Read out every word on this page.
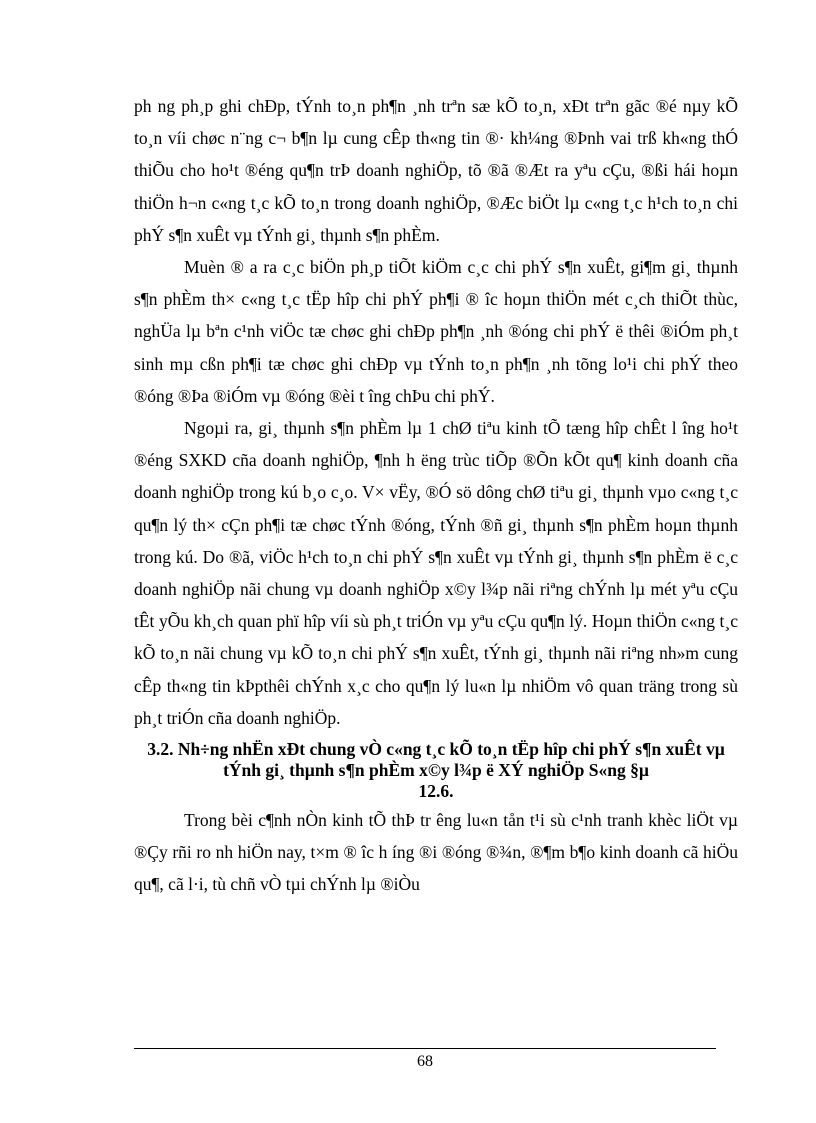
ph ng ph¸p ghi chÐp, tÝnh to¸n ph¶n ¸nh trªn sæ kÕ to¸n, xÐt trªn gãc ®é nµy kÕ to¸n víi chøc n¨ng c¬ b¶n lµ cung cÊp th«ng tin ®· kh¼ng ®Þnh vai trß kh«ng thÓ thiÕu cho ho¹t ®éng qu¶n trÞ doanh nghiÖp, tõ ®ã ®Æt ra yªu cÇu, ®ßi hái hoµn thiÖn h¬n c«ng t¸c kÕ to¸n trong doanh nghiÖp, ®Æc biÖt lµ c«ng t¸c h¹ch to¸n chi phÝ s¶n xuÊt vµ tÝnh gi¸ thµnh s¶n phÈm.

Muèn ® a ra c¸c biÖn ph¸p tiÕt kiÖm c¸c chi phÝ s¶n xuÊt, gi¶m gi¸ thµnh s¶n phÈm th× c«ng t¸c tËp hîp chi phÝ ph¶i ® îc hoµn thiÖn mét c¸ch thiÕt thùc, nghÜa lµ bªn c¹nh viÖc tæ chøc ghi chÐp ph¶n ¸nh ®óng chi phÝ ë thêi ®iÓm ph¸t sinh mµ cßn ph¶i tæ chøc ghi chÐp vµ tÝnh to¸n ph¶n ¸nh tõng lo¹i chi phÝ theo ®óng ®Þa ®iÓm vµ ®óng ®èi t îng chÞu chi phÝ.

Ngoµi ra, gi¸ thµnh s¶n phÈm lµ 1 chØ tiªu kinh tÕ tæng hîp chÊt l îng ho¹t ®éng SXKD cña doanh nghiÖp, ¶nh h ëng trùc tiÕp ®Õn kÕt qu¶ kinh doanh cña doanh nghiÖp trong kú b¸o c¸o. V× vËy, ®Ó sö dông chØ tiªu gi¸ thµnh vµo c«ng t¸c qu¶n lý th× cÇn ph¶i tæ chøc tÝnh ®óng, tÝnh ®ñ gi¸ thµnh s¶n phÈm hoµn thµnh trong kú. Do ®ã, viÖc h¹ch to¸n chi phÝ s¶n xuÊt vµ tÝnh gi¸ thµnh s¶n phÈm ë c¸c doanh nghiÖp nãi chung vµ doanh nghiÖp x©y l¾p nãi riªng chÝnh lµ mét yªu cÇu tÊt yÕu kh¸ch quan phï hîp víi sù ph¸t triÓn vµ yªu cÇu qu¶n lý. Hoµn thiÖn c«ng t¸c kÕ to¸n nãi chung vµ kÕ to¸n chi phÝ s¶n xuÊt, tÝnh gi¸ thµnh nãi riªng nh»m cung cÊp th«ng tin kÞpthêi chÝnh x¸c cho qu¶n lý lu«n lµ nhiÖm vô quan träng trong sù ph¸t triÓn cña doanh nghiÖp.

3.2. Nh÷ng nhËn xÐt chung vÒ c«ng t¸c kÕ to¸n tËp hîp chi phÝ s¶n xuÊt vµ tÝnh gi¸ thµnh s¶n phÈm x©y l¾p ë XÝ nghiÖp S«ng §µ
12.6.

Trong bèi c¶nh nÒn kinh tÕ thÞ tr êng lu«n tån t¹i sù c¹nh tranh khèc liÖt vµ ®Çy rñi ro nh hiÖn nay, t×m ® îc h íng ®i ®óng ®¾n, ®¶m b¶o kinh doanh cã hiÖu qu¶, cã l·i, tù chñ vÒ tµi chÝnh lµ ®iÒu

68
